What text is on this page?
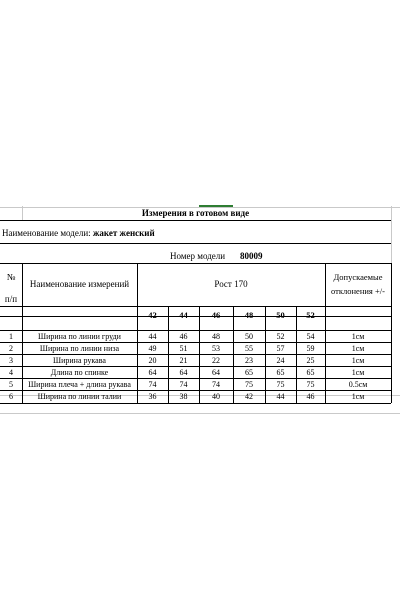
Измерения в готовом виде
Наименование модели: жакет женский
Номер модели 80009
№
п/п
Наименование измерений	Рост 170
Допускаемые
отклонения +/-
42	44	46	48	50	52
1	Ширина по линии груди	44	46	48	50	52	54	1см
2	Ширина по линии низа	49	51	53	55	57	59	1см
3	Ширина рукава	20	21	22	23	24	25	1см
4	Длина по спинке	64	64	64	65	65	65	1см
5	Ширина плеча + длина рукава	74	74	74	75	75	75	0.5см
6	Ширина по линии талии	36	38	40	42	44	46	1см
